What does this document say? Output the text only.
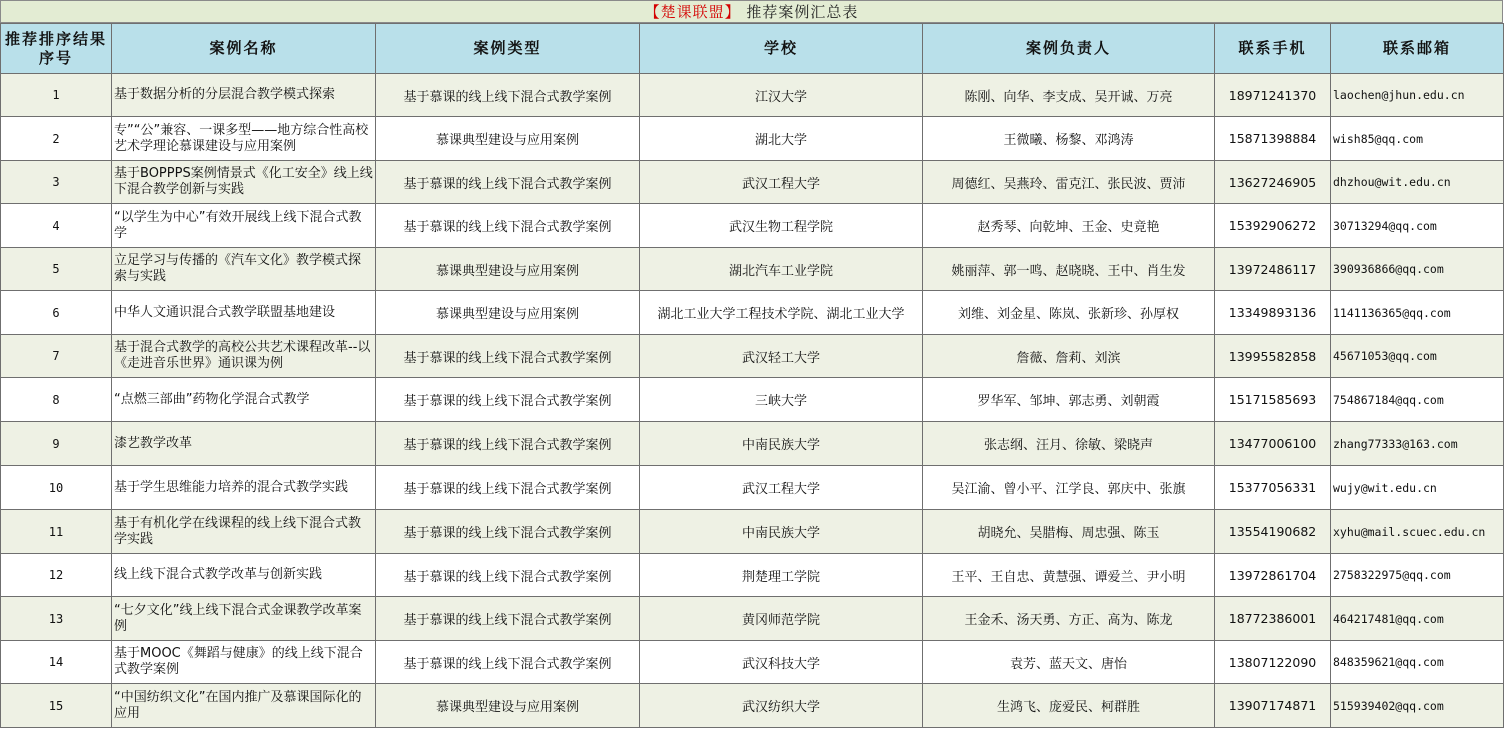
【楚课联盟】 推荐案例汇总表
推荐排序结果序号	案例名称	案例类型	学校	案例负责人	联系手机	联系邮箱
1	基于数据分析的分层混合教学模式探索	基于慕课的线上线下混合式教学案例	江汉大学	陈刚、向华、李支成、吴开诚、万亮	18971241370	laochen@jhun.edu.cn
2	专”“公”兼容、一课多型——地方综合性高校艺术学理论慕课建设与应用案例	慕课典型建设与应用案例	湖北大学	王微曦、杨黎、邓鸿涛	15871398884	wish85@qq.com
3	基于BOPPPS案例情景式《化工安全》线上线下混合教学创新与实践	基于慕课的线上线下混合式教学案例	武汉工程大学	周德红、吴燕玲、雷克江、张民波、贾沛	13627246905	dhzhou@wit.edu.cn
4	“以学生为中心”有效开展线上线下混合式教学	基于慕课的线上线下混合式教学案例	武汉生物工程学院	赵秀琴、向乾坤、王金、史竟艳	15392906272	30713294@qq.com
5	立足学习与传播的《汽车文化》教学模式探索与实践	慕课典型建设与应用案例	湖北汽车工业学院	姚丽萍、郭一鸣、赵晓晓、王中、肖生发	13972486117	390936866@qq.com
6	中华人文通识混合式教学联盟基地建设	慕课典型建设与应用案例	湖北工业大学工程技术学院、湖北工业大学	刘维、刘金星、陈岚、张新珍、孙厚权	13349893136	1141136365@qq.com
7	基于混合式教学的高校公共艺术课程改革--以《走进音乐世界》通识课为例	基于慕课的线上线下混合式教学案例	武汉轻工大学	詹薇、詹莉、刘滨	13995582858	45671053@qq.com
8	“点燃三部曲”药物化学混合式教学	基于慕课的线上线下混合式教学案例	三峡大学	罗华军、邹坤、郭志勇、刘朝霞	15171585693	754867184@qq.com
9	漆艺教学改革	基于慕课的线上线下混合式教学案例	中南民族大学	张志纲、汪月、徐敏、梁晓声	13477006100	zhang77333@163.com
10	基于学生思维能力培养的混合式教学实践	基于慕课的线上线下混合式教学案例	武汉工程大学	吴江渝、曾小平、江学良、郭庆中、张旗	15377056331	wujy@wit.edu.cn
11	基于有机化学在线课程的线上线下混合式教学实践	基于慕课的线上线下混合式教学案例	中南民族大学	胡晓允、吴腊梅、周忠强、陈玉	13554190682	xyhu@mail.scuec.edu.cn
12	线上线下混合式教学改革与创新实践	基于慕课的线上线下混合式教学案例	荆楚理工学院	王平、王自忠、黄慧强、谭爱兰、尹小明	13972861704	2758322975@qq.com
13	“七夕文化”线上线下混合式金课教学改革案例	基于慕课的线上线下混合式教学案例	黄冈师范学院	王金禾、汤天勇、方正、高为、陈龙	18772386001	464217481@qq.com
14	基于MOOC《舞蹈与健康》的线上线下混合式教学案例	基于慕课的线上线下混合式教学案例	武汉科技大学	袁芳、蓝天文、唐怡	13807122090	848359621@qq.com
15	“中国纺织文化”在国内推广及慕课国际化的应用	慕课典型建设与应用案例	武汉纺织大学	生鸿飞、庞爱民、柯群胜	13907174871	515939402@qq.com
